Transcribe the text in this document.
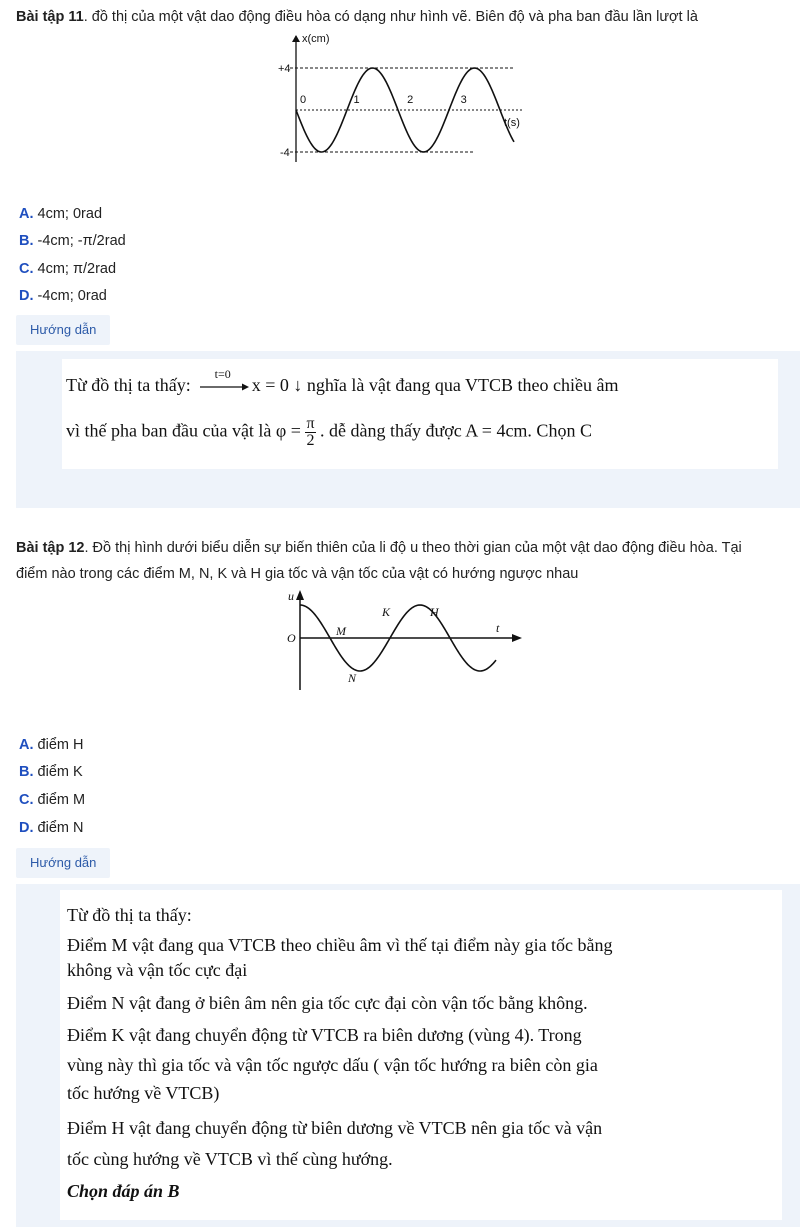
Bài tập 11. đồ thị của một vật dao động điều hòa có dạng như hình vẽ. Biên độ và pha ban đầu lần lượt là
x(cm)
+4
-4
0	1	2	3
t(s)
A. 4cm; 0rad
B. -4cm; -π/2rad
C. 4cm; π/2rad
D. -4cm; 0rad
Hướng dẫn
Từ đồ thị ta thấy:
t=0
x = 0 ↓ nghĩa là vật đang qua VTCB theo chiều âm
vì thế pha ban đầu của vật là $\varphi = \frac{\pi}{2}$ . dễ dàng thấy được A = 4cm. Chọn C
Bài tập 12. Đồ thị hình dưới biểu diễn sự biến thiên của li độ u theo thời gian của một vật dao động điều hòa. Tại
điểm nào trong các điểm M, N, K và H gia tốc và vận tốc của vật có hướng ngược nhau
u
O
t
M
N
K	H
A. điểm H
B. điểm K
C. điểm M
D. điểm N
Hướng dẫn
Từ đồ thị ta thấy:
Điểm M vật đang qua VTCB theo chiều âm vì thế tại điểm này gia tốc bằng
không và vận tốc cực đại
Điểm N vật đang ở biên âm nên gia tốc cực đại còn vận tốc bằng không.
Điểm K vật đang chuyển động từ VTCB ra biên dương (vùng 4). Trong
vùng này thì gia tốc và vận tốc ngược dấu ( vận tốc hướng ra biên còn gia
tốc hướng về VTCB)
Điểm H vật đang chuyển động từ biên dương về VTCB nên gia tốc và vận
tốc cùng hướng về VTCB vì thế cùng hướng.
Chọn đáp án B
